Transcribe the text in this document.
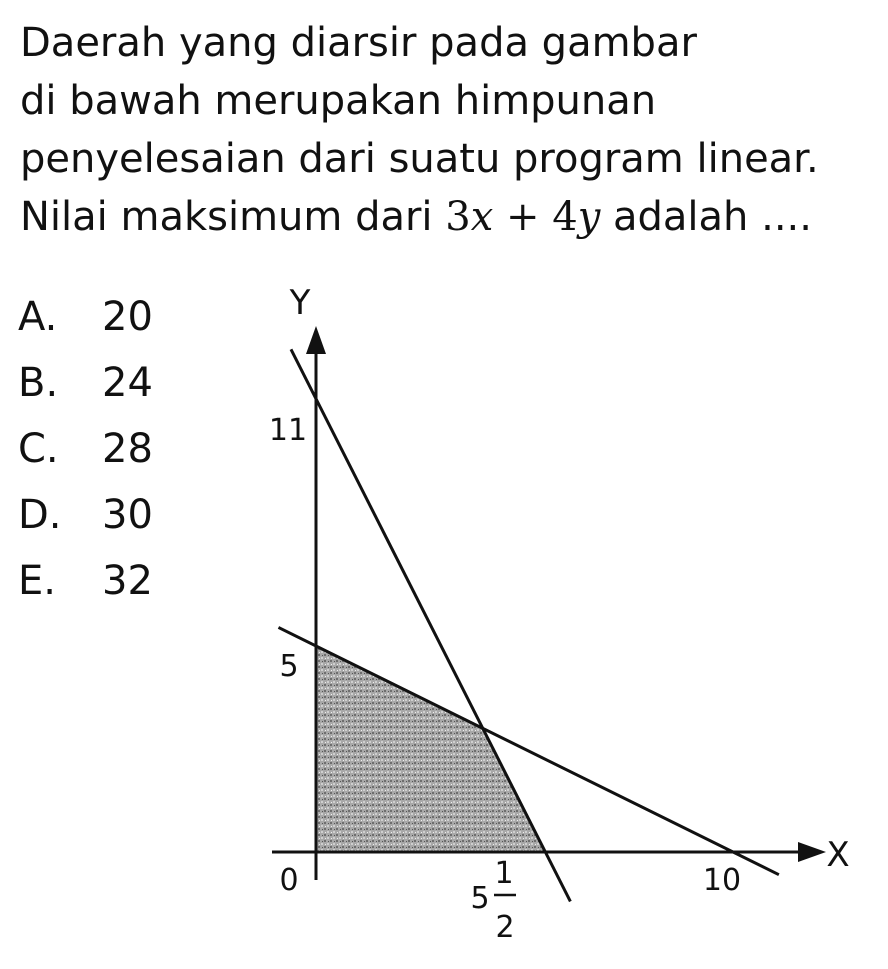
Daerah yang diarsir pada gambar
di bawah merupakan himpunan
penyelesaian dari suatu program linear.
Nilai maksimum dari 3x + 4y adalah ....
A.	20
B.	24
C.	28
D.	30
E.	32
X
Y
0
11
5
10
5
1
2
